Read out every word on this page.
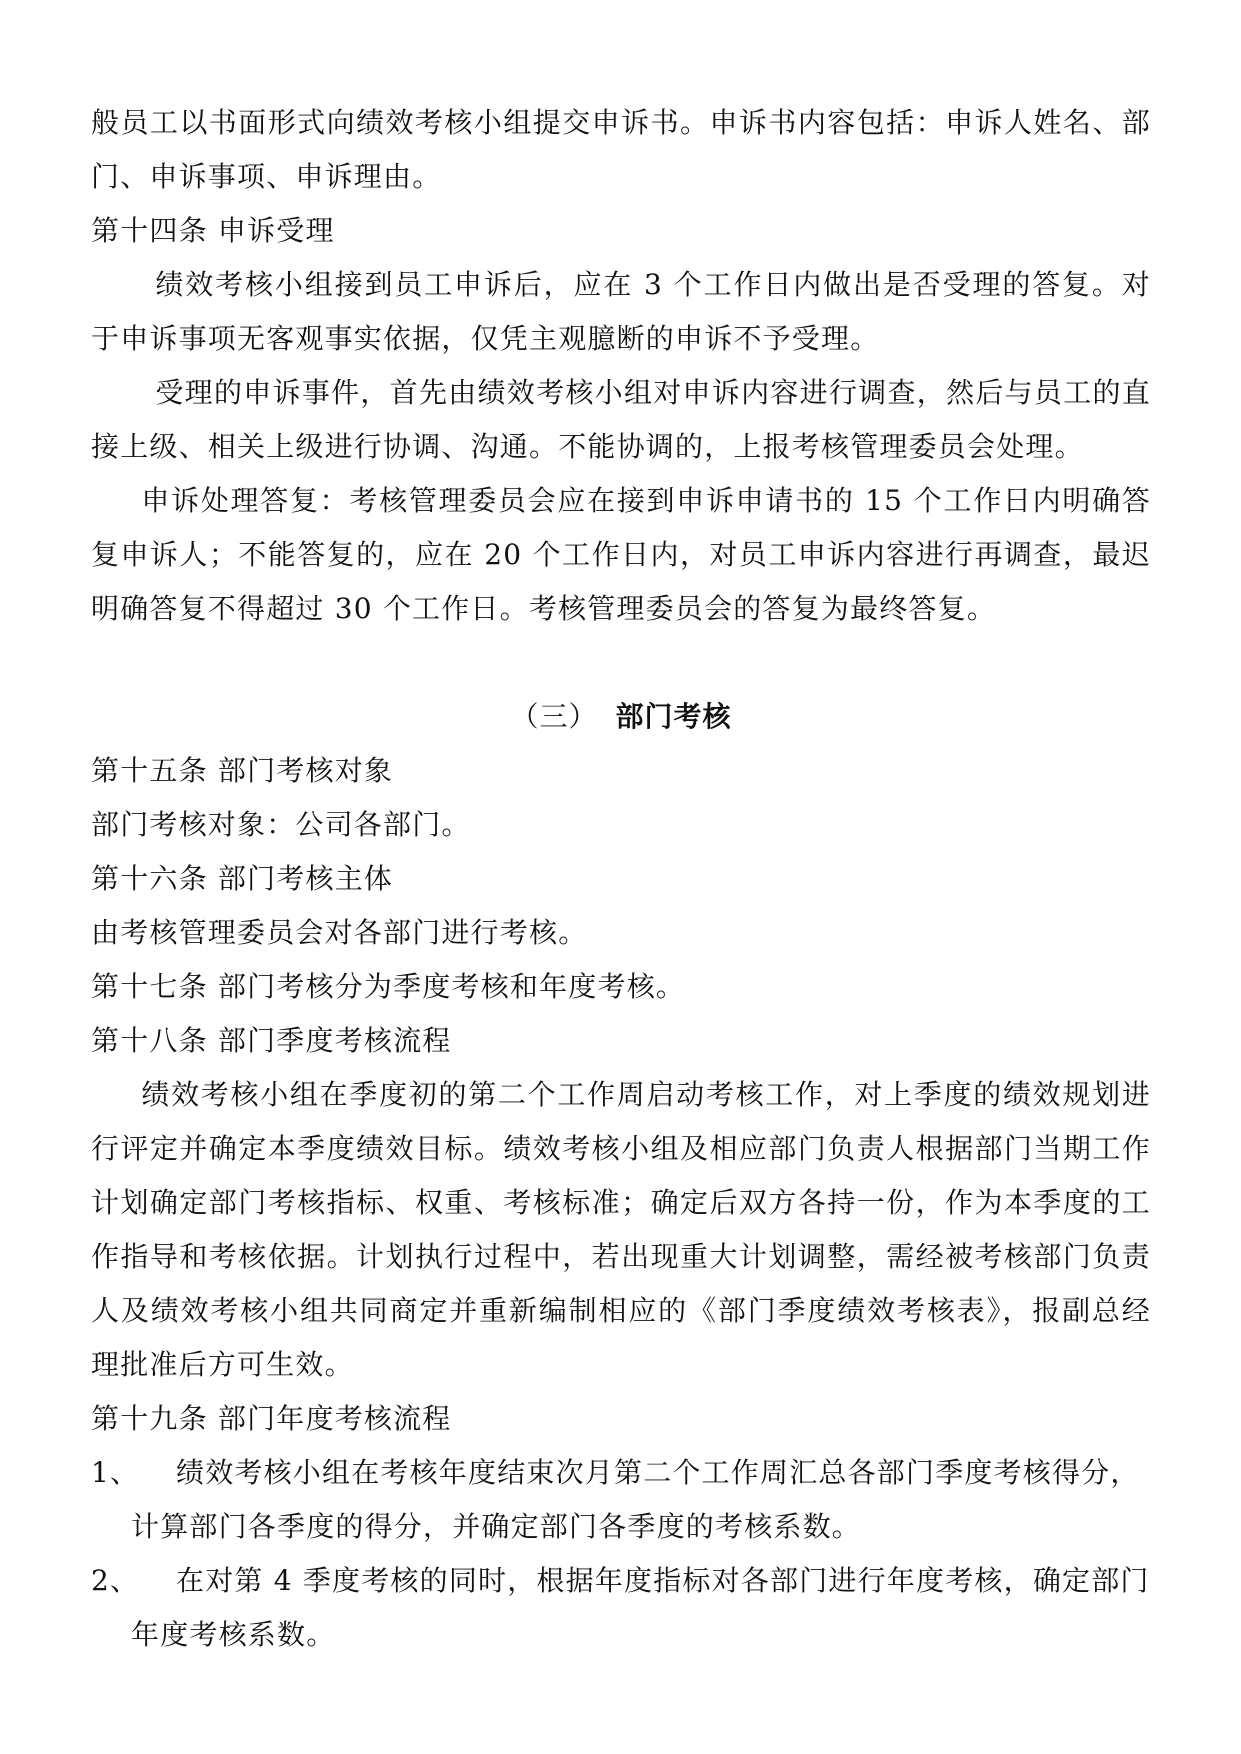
般员工以书面形式向绩效考核小组提交申诉书。申诉书内容包括：申诉人姓名、部门、申诉事项、申诉理由。

第十四条 申诉受理

绩效考核小组接到员工申诉后，应在 3 个工作日内做出是否受理的答复。对于申诉事项无客观事实依据，仅凭主观臆断的申诉不予受理。

受理的申诉事件，首先由绩效考核小组对申诉内容进行调查，然后与员工的直接上级、相关上级进行协调、沟通。不能协调的，上报考核管理委员会处理。

申诉处理答复：考核管理委员会应在接到申诉申请书的 15 个工作日内明确答复申诉人；不能答复的，应在 20 个工作日内，对员工申诉内容进行再调查，最迟明确答复不得超过 30 个工作日。考核管理委员会的答复为最终答复。

（三） 部门考核

第十五条 部门考核对象

部门考核对象：公司各部门。

第十六条 部门考核主体

由考核管理委员会对各部门进行考核。

第十七条 部门考核分为季度考核和年度考核。

第十八条 部门季度考核流程

绩效考核小组在季度初的第二个工作周启动考核工作，对上季度的绩效规划进行评定并确定本季度绩效目标。绩效考核小组及相应部门负责人根据部门当期工作计划确定部门考核指标、权重、考核标准；确定后双方各持一份，作为本季度的工作指导和考核依据。计划执行过程中，若出现重大计划调整，需经被考核部门负责人及绩效考核小组共同商定并重新编制相应的《部门季度绩效考核表》，报副总经理批准后方可生效。

第十九条 部门年度考核流程

1、	绩效考核小组在考核年度结束次月第二个工作周汇总各部门季度考核得分，计算部门各季度的得分，并确定部门各季度的考核系数。
2、	在对第 4 季度考核的同时，根据年度指标对各部门进行年度考核，确定部门年度考核系数。
